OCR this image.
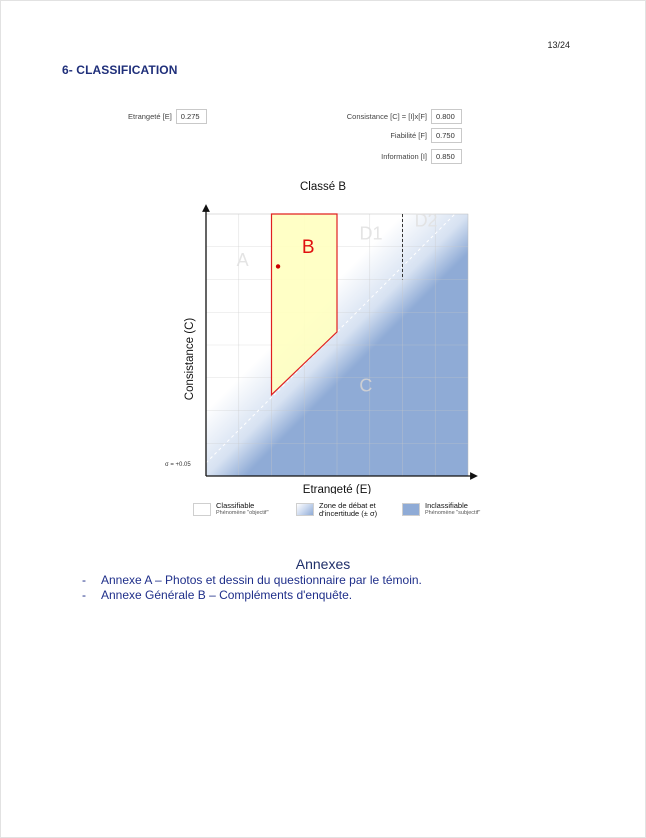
13/24
6- CLASSIFICATION
Etrangeté [E]	0.275	Consistance [C] = [I]x[F]	0.800
Fiabilité [F]	0.750
Information [I]	0.850
Classé B
A
B
C
D1
D2
Etrangeté (E)
Consistance (C)
σ = +0.05
Classifiable
Phénomène "objectif"
Zone de débat et d'incertitude (± σ)
Inclassifiable
Phénomène "subjectif"
Annexes
-	Annexe A – Photos et dessin du questionnaire par le témoin.
-	Annexe Générale B – Compléments d'enquête.
